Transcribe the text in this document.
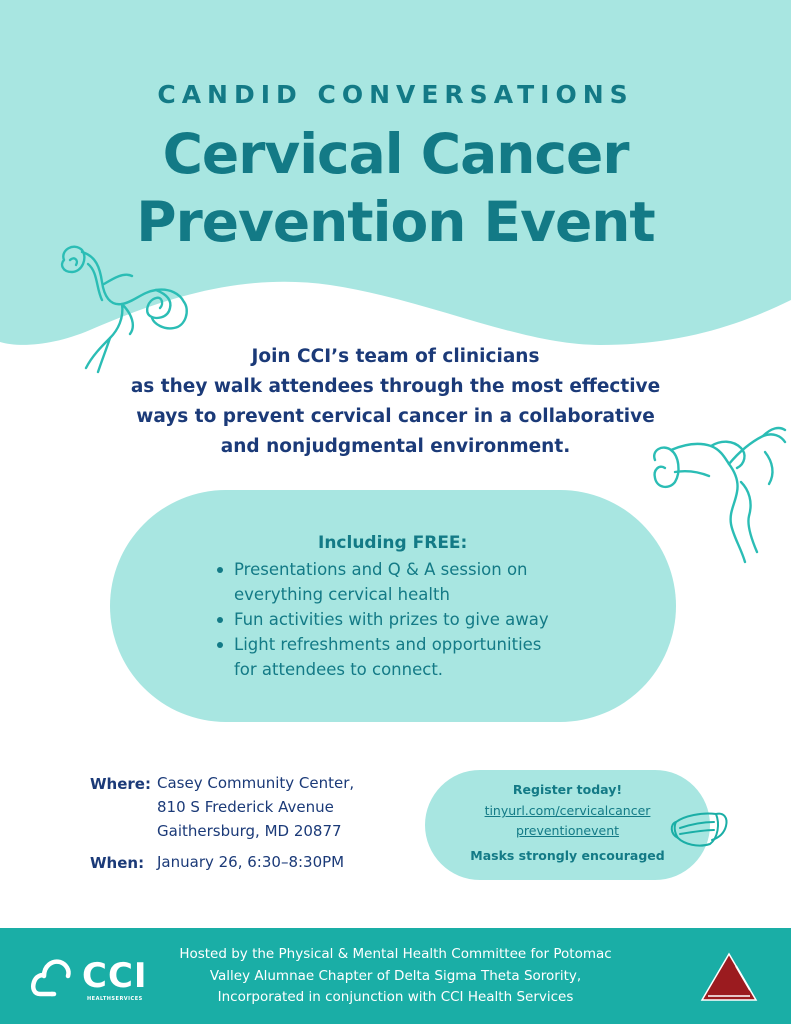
CANDID CONVERSATIONS
Cervical Cancer
Prevention Event
Join CCI’s team of clinicians
as they walk attendees through the most effective
ways to prevent cervical cancer in a collaborative
and nonjudgmental environment.
Including FREE:
Presentations and Q & A session on
everything cervical health
Fun activities with prizes to give away
Light refreshments and opportunities
for attendees to connect.
Where: Casey Community Center,
810 S Frederick Avenue
Gaithersburg, MD 20877
When: January 26, 6:30–8:30PM
Register today!
tinyurl.com/cervicalcancer
preventionevent
Masks strongly encouraged
CCI
HEALTHSERVICES
Hosted by the Physical & Mental Health Committee for Potomac
Valley Alumnae Chapter of Delta Sigma Theta Sorority,
Incorporated in conjunction with CCI Health Services
